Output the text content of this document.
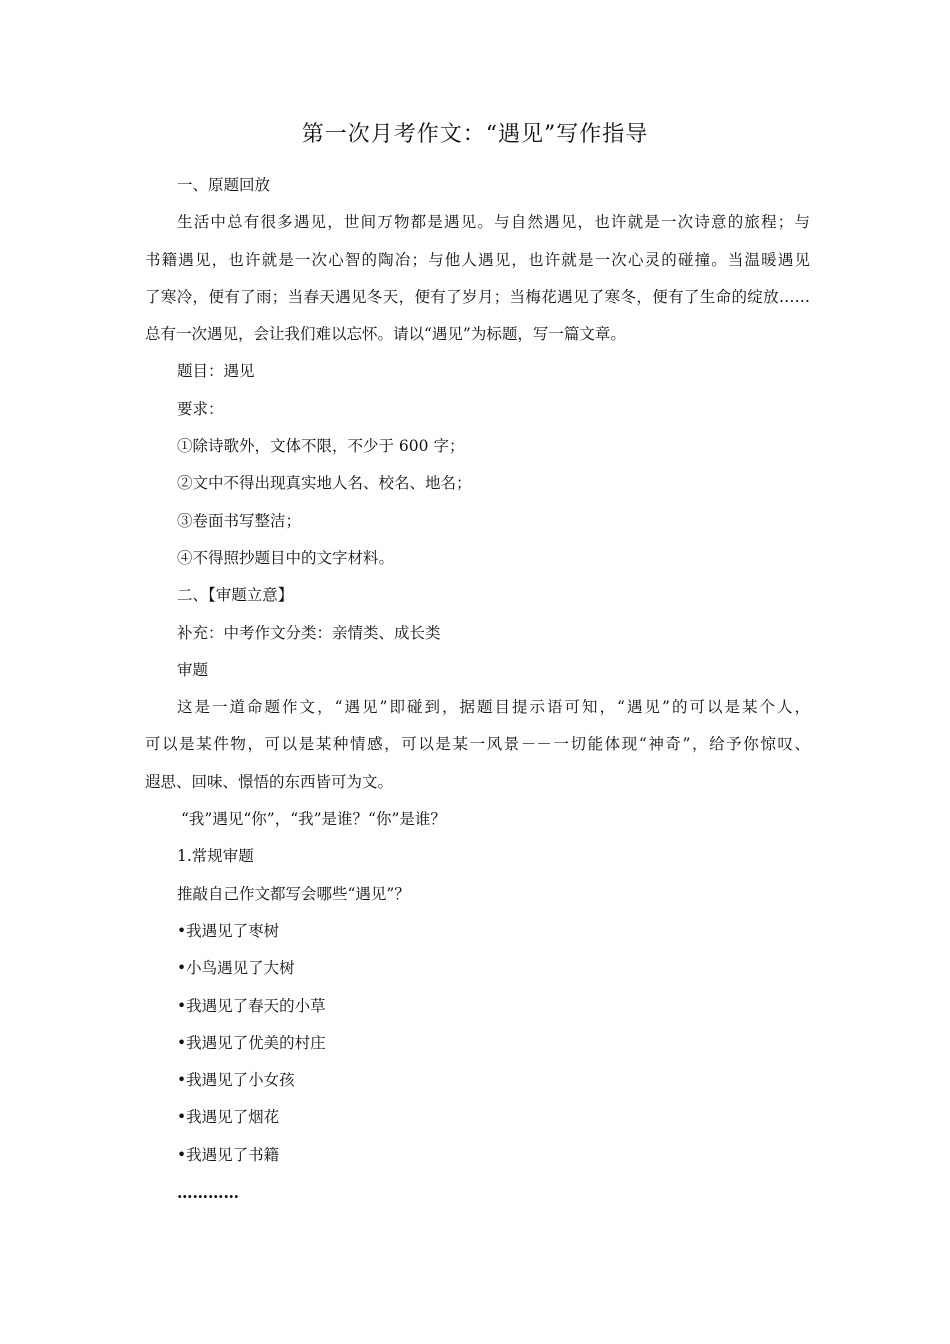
第一次月考作文：“遇见”写作指导
一、原题回放
生活中总有很多遇见，世间万物都是遇见。与自然遇见，也许就是一次诗意的旅程；与
书籍遇见，也许就是一次心智的陶冶；与他人遇见，也许就是一次心灵的碰撞。当温暖遇见
了寒冷，便有了雨；当春天遇见冬天，便有了岁月；当梅花遇见了寒冬，便有了生命的绽放……
总有一次遇见，会让我们难以忘怀。请以“遇见”为标题，写一篇文章。
题目：遇见
要求：
①除诗歌外，文体不限，不少于 600 字；
②文中不得出现真实地人名、校名、地名；
③卷面书写整洁；
④不得照抄题目中的文字材料。
二、【审题立意】
补充：中考作文分类：亲情类、成长类
审题
这是一道命题作文，“遇见”即碰到，据题目提示语可知，“遇见”的可以是某个人，
可以是某件物，可以是某种情感，可以是某一风景－－一切能体现“神奇”，给予你惊叹、
遐思、回味、憬悟的东西皆可为文。
“我”遇见“你”，“我”是谁？“你”是谁？
1.常规审题
推敲自己作文都写会哪些“遇见”？
•我遇见了枣树
•小鸟遇见了大树
•我遇见了春天的小草
•我遇见了优美的村庄
•我遇见了小女孩
•我遇见了烟花
•我遇见了书籍
…………
